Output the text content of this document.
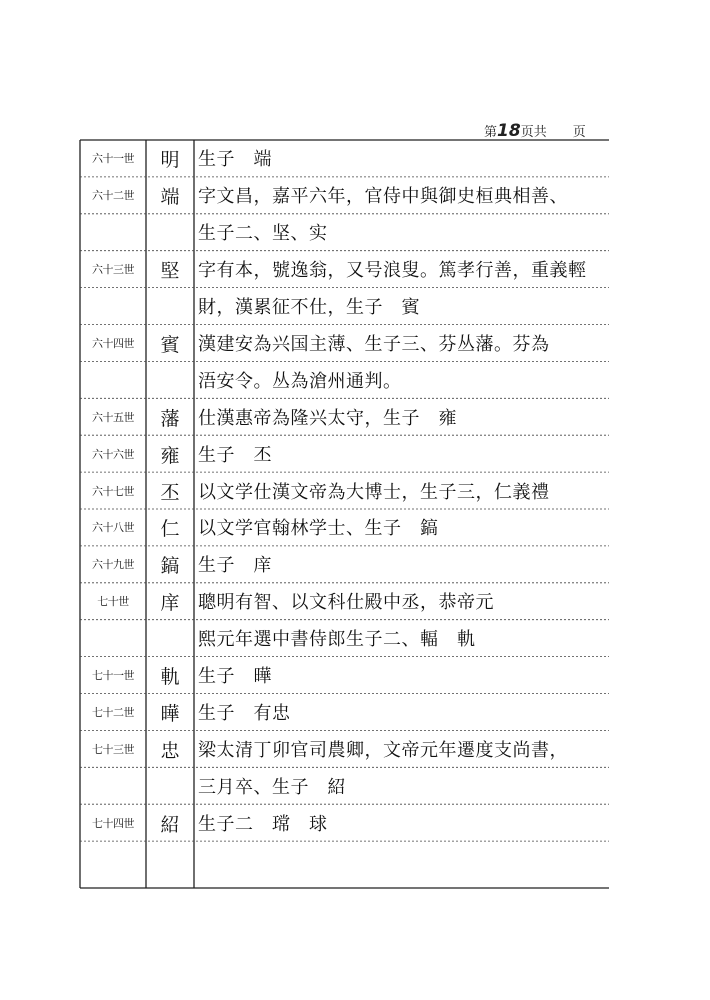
第18页共　　页
六十一世	明	生子　端
六十二世	端	字文昌，嘉平六年，官侍中與御史桓典相善、
生子二、坚、实
六十三世	堅	字有本，號逸翁，又号浪叟。篤孝行善，重義輕
財，漢累征不仕，生子　賓
六十四世	賓	漢建安為兴国主薄、生子三、芬丛藩。芬為
浯安令。丛為滄州通判。
六十五世	藩	仕漢惠帝為隆兴太守，生子　雍
六十六世	雍	生子　丕
六十七世	丕	以文学仕漢文帝為大博士，生子三，仁義禮
六十八世	仁	以文学官翰林学士、生子　鎬
六十九世	鎬	生子　庠
七十世	庠	聰明有智、以文科仕殿中丞，恭帝元
熙元年選中書侍郎生子二、輻　軌
七十一世	軌	生子　曄
七十二世	曄	生子　有忠
七十三世	忠	梁太清丁卯官司農卿，文帝元年遷度支尚書，
三月卒、生子　紹
七十四世	紹	生子二　瑺　球
